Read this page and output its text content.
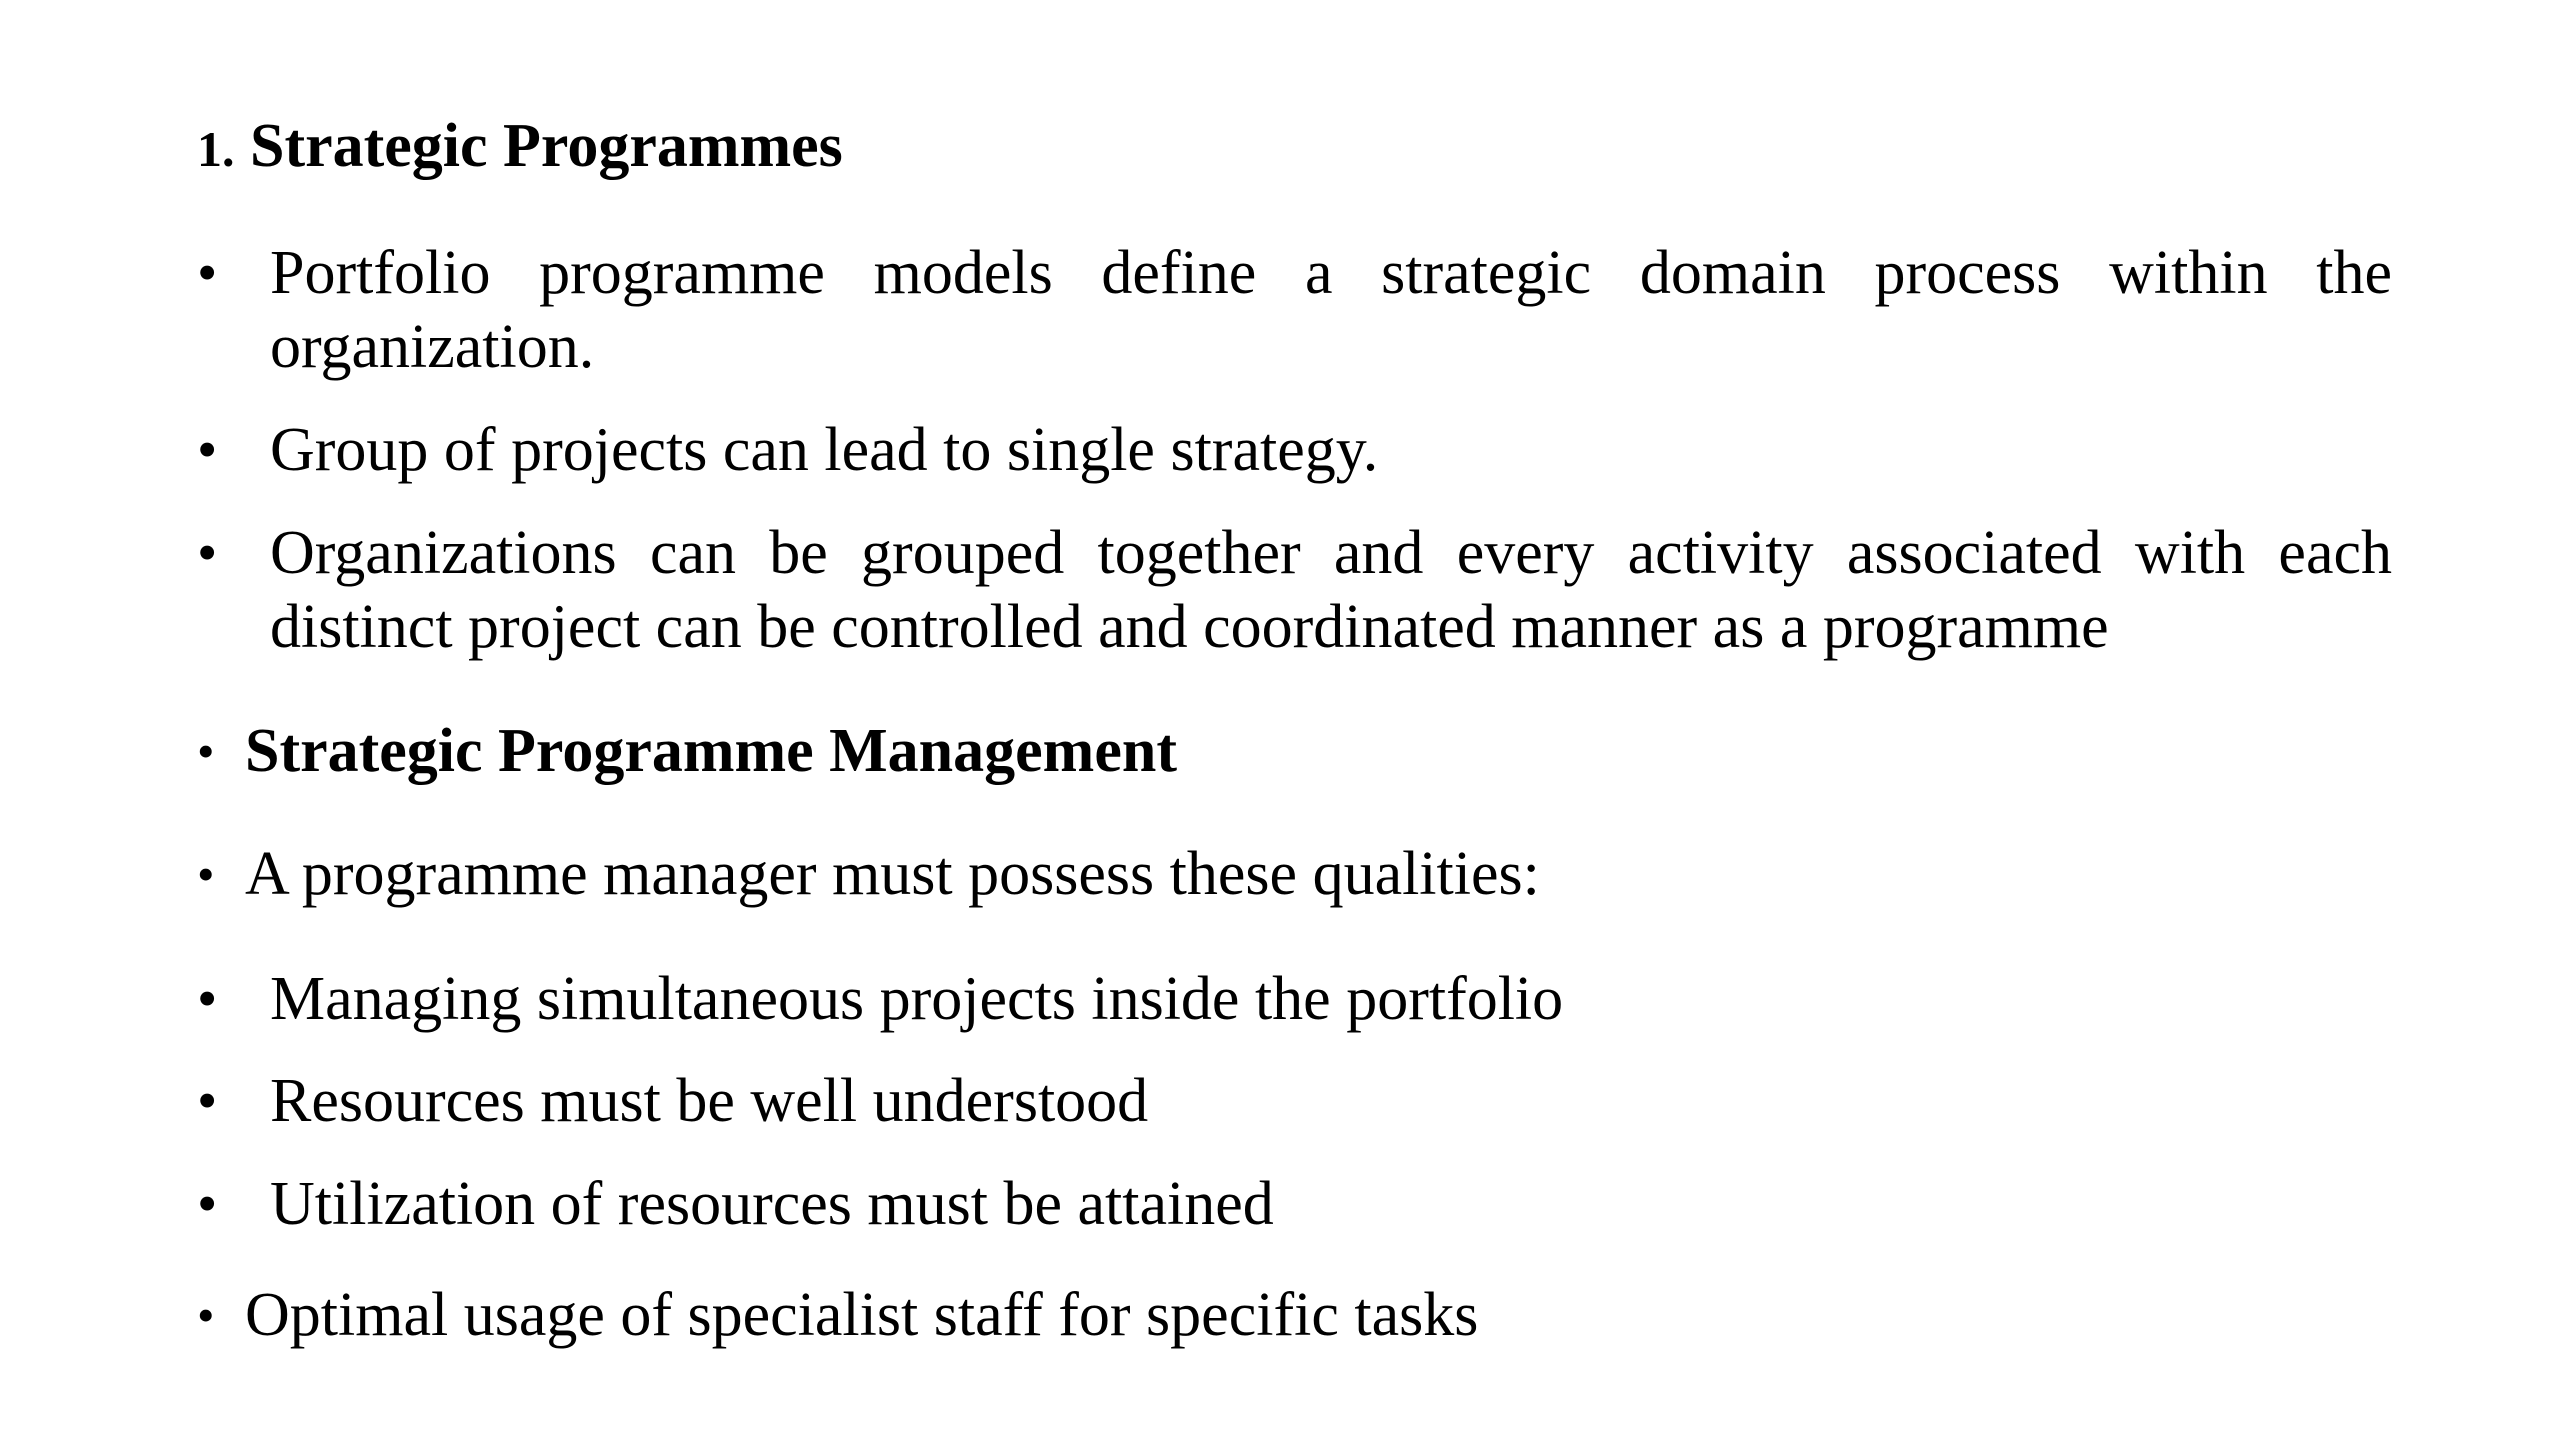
1. Strategic Programmes
• Portfolio programme models define a strategic domain process within the organization.
• Group of projects can lead to single strategy.
• Organizations can be grouped together and every activity associated with each distinct project can be controlled and coordinated manner as a programme
• Strategic Programme Management
• A programme manager must possess these qualities:
• Managing simultaneous projects inside the portfolio
• Resources must be well understood
• Utilization of resources must be attained
• Optimal usage of specialist staff for specific tasks
